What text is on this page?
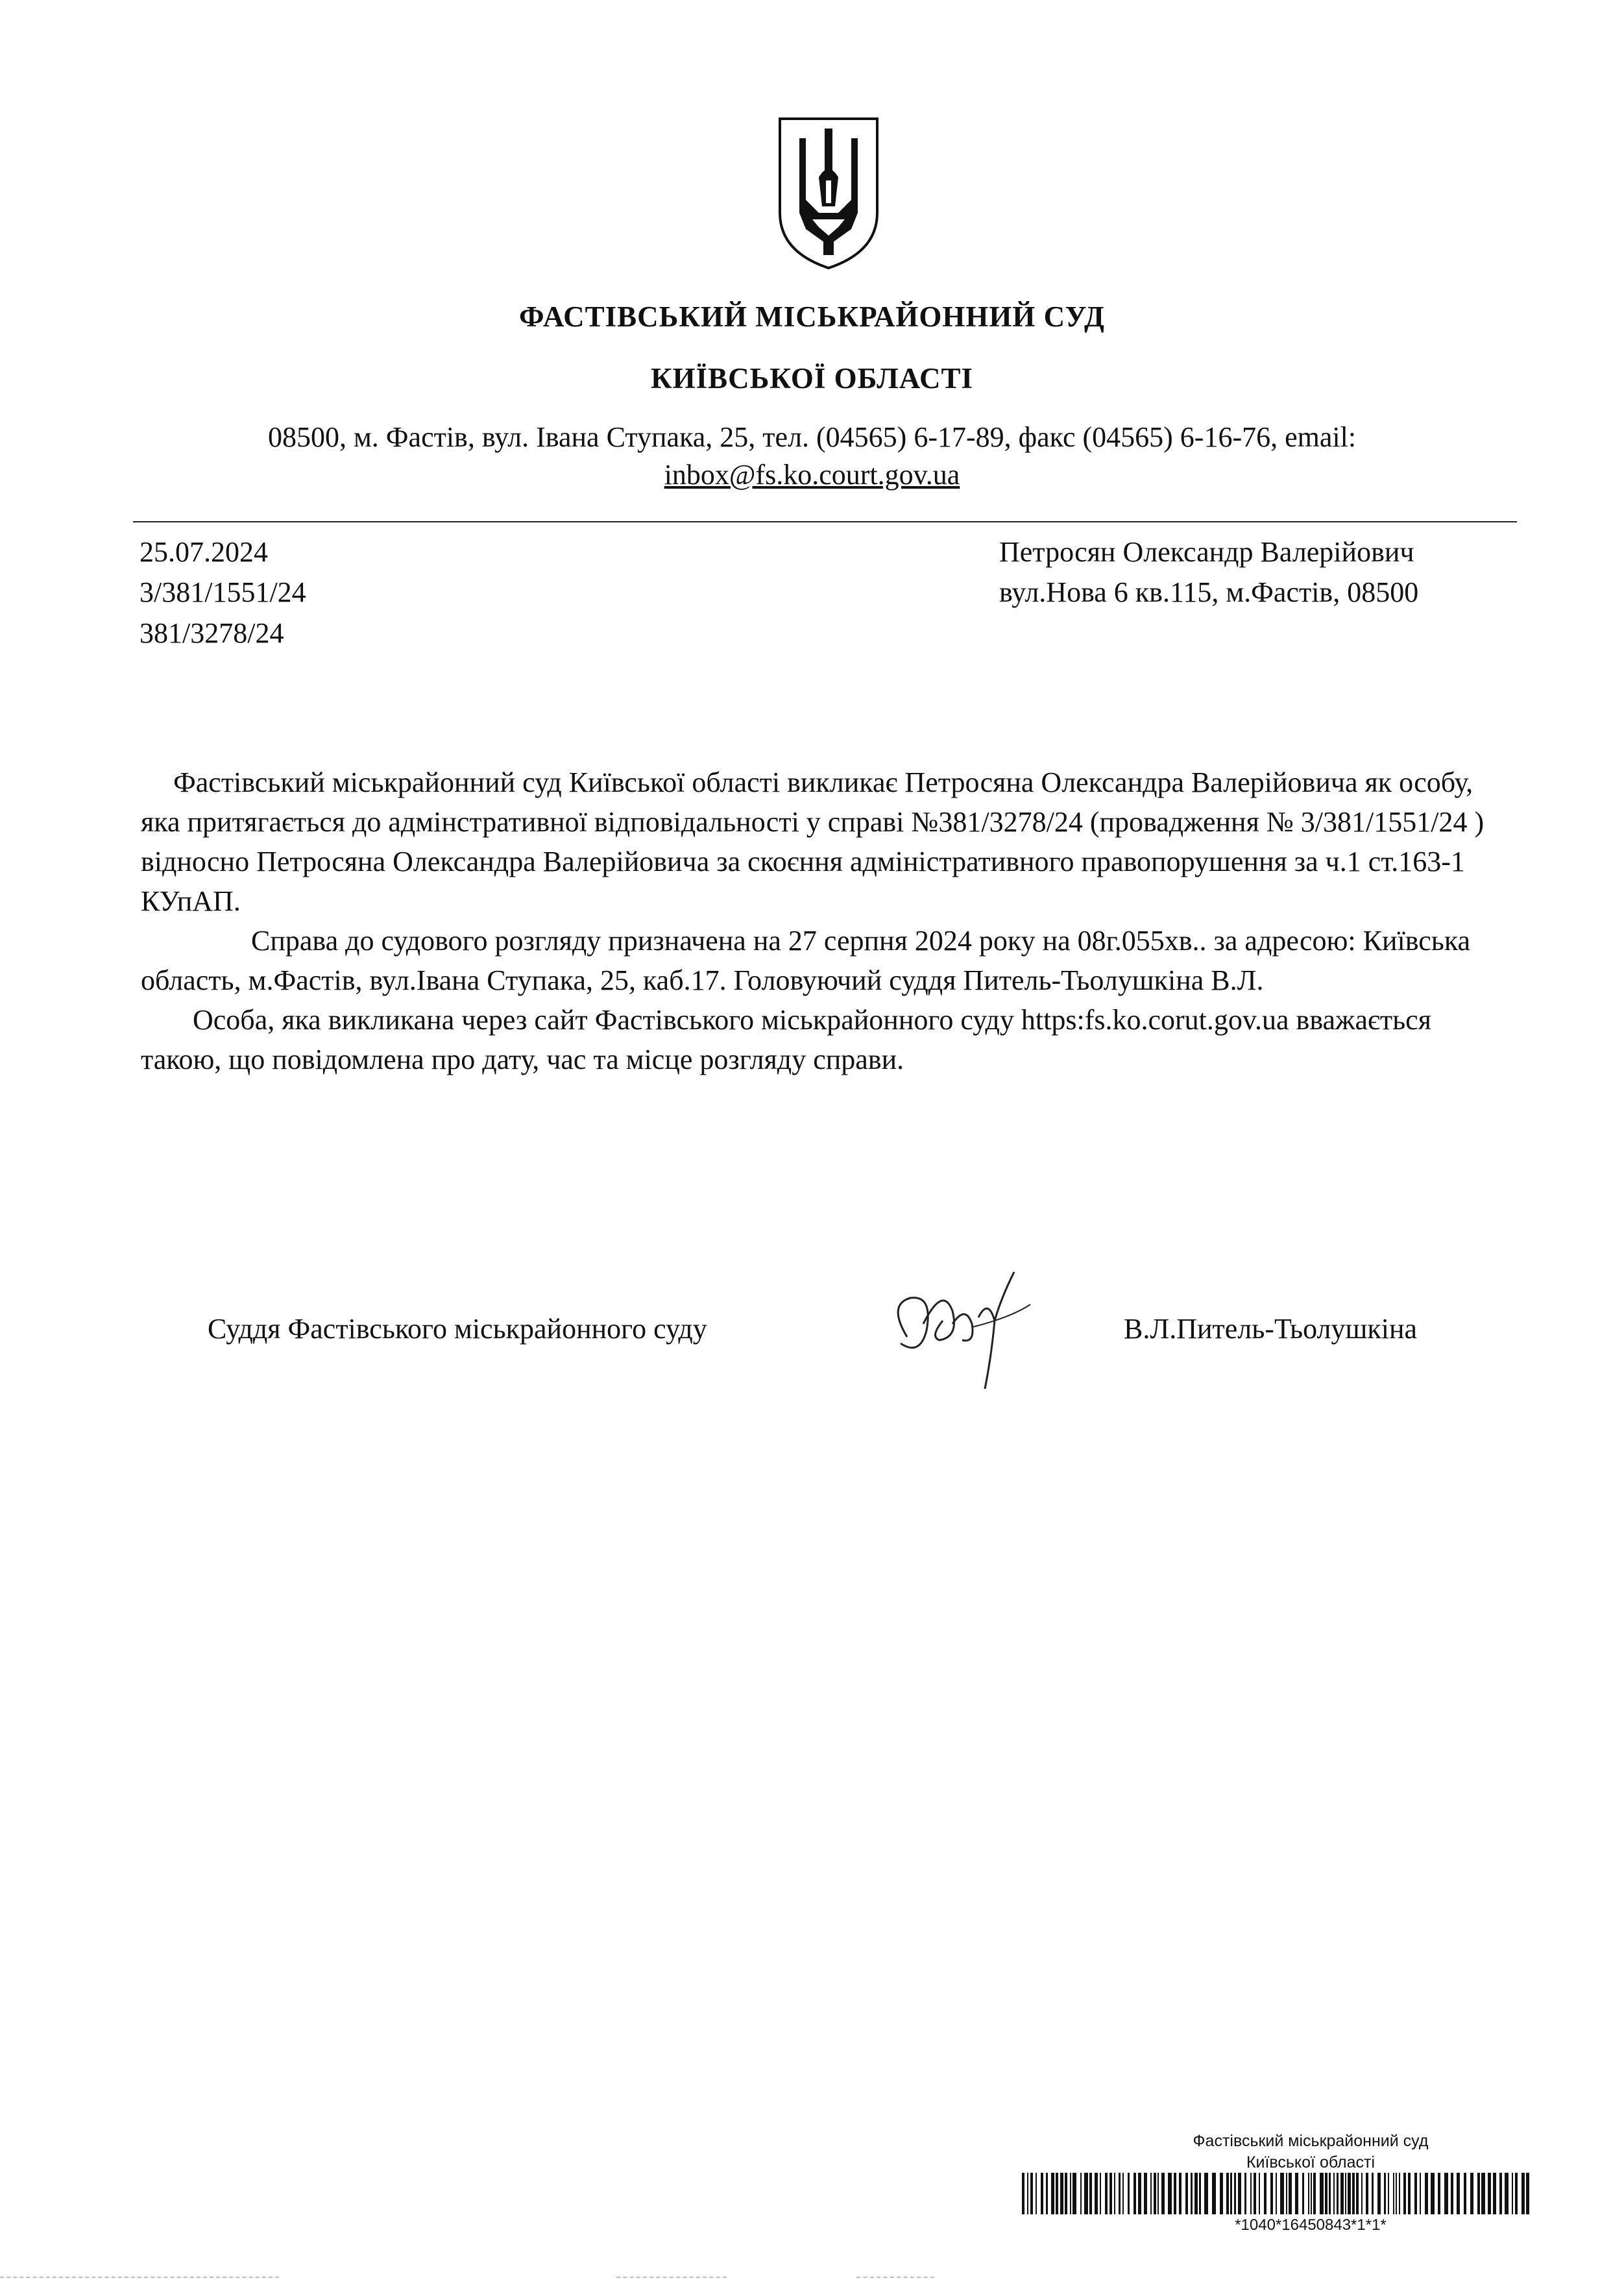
ФАСТІВСЬКИЙ МІСЬКРАЙОННИЙ СУД
КИЇВСЬКОЇ ОБЛАСТІ
08500, м. Фастів, вул. Івана Ступака, 25, тел. (04565) 6-17-89, факс (04565) 6-16-76, email:
inbox@fs.ko.court.gov.ua
25.07.2024
3/381/1551/24
381/3278/24
Петросян Олександр Валерійович
вул.Нова 6 кв.115, м.Фастів, 08500

Фастівський міськрайонний суд Київської області викликає Петросяна Олександра Валерійовича як особу, яка притягається до адмінстративної відповідальності у справі №381/3278/24 (провадження № 3/381/1551/24 ) відносно Петросяна Олександра Валерійовича за скоєння адміністративного правопорушення за ч.1 ст.163-1 КУпАП.

Справа до судового розгляду призначена на 27 серпня 2024 року на 08г.055хв.. за адресою: Київська область, м.Фастів, вул.Івана Ступака, 25, каб.17. Головуючий суддя Питель-Тьолушкіна В.Л.

Особа, яка викликана через сайт Фастівського міськрайонного суду https:fs.ko.corut.gov.ua вважається такою, що повідомлена про дату, час та місце розгляду справи.

Суддя Фастівського міськрайонного суду	В.Л.Питель-Тьолушкіна
Фастівський міськрайонний суд
Київської області
*1040*16450843*1*1*
